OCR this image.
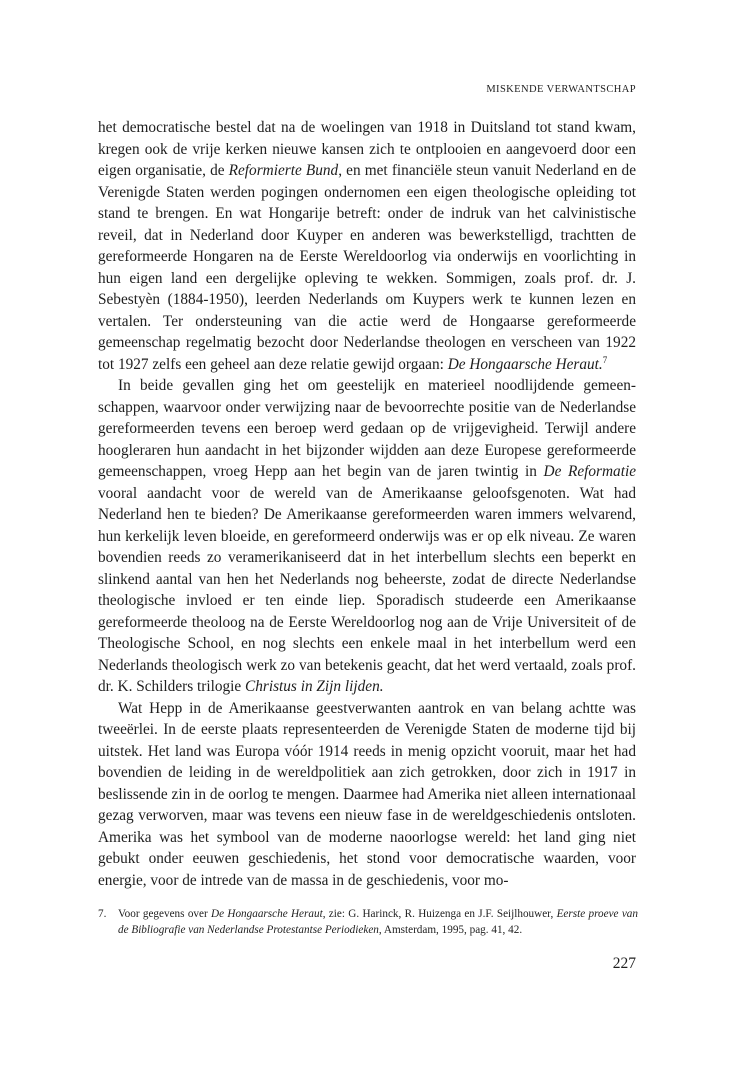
MISKENDE VERWANTSCHAP

het democratische bestel dat na de woelingen van 1918 in Duitsland tot stand kwam, kregen ook de vrije kerken nieuwe kansen zich te ontplooien en aangevoerd door een eigen organisatie, de Reformierte Bund, en met financiële steun vanuit Nederland en de Verenigde Staten werden pogingen ondernomen een eigen theologische opleiding tot stand te brengen. En wat Hongarije betreft: onder de indruk van het calvinistische reveil, dat in Nederland door Kuyper en anderen was bewerkstelligd, trachtten de gereformeerde Hongaren na de Eerste Wereldoorlog via onderwijs en voorlichting in hun eigen land een dergelijke opleving te wekken. Sommigen, zoals prof. dr. J. Sebestyèn (1884-1950), leerden Nederlands om Kuypers werk te kunnen lezen en vertalen. Ter ondersteuning van die actie werd de Hongaarse gereformeerde gemeenschap regelmatig bezocht door Nederlandse theologen en verscheen van 1922 tot 1927 zelfs een geheel aan deze relatie gewijd orgaan: De Hongaarsche Heraut.$^7$

In beide gevallen ging het om geestelijk en materieel noodlijdende gemeenschappen, waarvoor onder verwijzing naar de bevoorrechte positie van de Nederlandse gereformeerden tevens een beroep werd gedaan op de vrijgevigheid. Terwijl andere hoogleraren hun aandacht in het bijzonder wijdden aan deze Europese gereformeerde gemeenschappen, vroeg Hepp aan het begin van de jaren twintig in De Reformatie vooral aandacht voor de wereld van de Amerikaanse geloofsgenoten. Wat had Nederland hen te bieden? De Amerikaanse gereformeerden waren immers welvarend, hun kerkelijk leven bloeide, en gereformeerd onderwijs was er op elk niveau. Ze waren bovendien reeds zo veramerikaniseerd dat in het interbellum slechts een beperkt en slinkend aantal van hen het Nederlands nog beheerste, zodat de directe Nederlandse theologische invloed er ten einde liep. Sporadisch studeerde een Amerikaanse gereformeerde theoloog na de Eerste Wereldoorlog nog aan de Vrije Universiteit of de Theologische School, en nog slechts een enkele maal in het interbellum werd een Nederlands theologisch werk zo van betekenis geacht, dat het werd vertaald, zoals prof. dr. K. Schilders trilogie Christus in Zijn lijden.

Wat Hepp in de Amerikaanse geestverwanten aantrok en van belang achtte was tweeërlei. In de eerste plaats representeerden de Verenigde Staten de moderne tijd bij uitstek. Het land was Europa vóór 1914 reeds in menig opzicht vooruit, maar het had bovendien de leiding in de wereldpolitiek aan zich getrokken, door zich in 1917 in beslissende zin in de oorlog te mengen. Daarmee had Amerika niet alleen internationaal gezag verworven, maar was tevens een nieuw fase in de wereldgeschiedenis ontsloten. Amerika was het symbool van de moderne naoorlogse wereld: het land ging niet gebukt onder eeuwen geschiedenis, het stond voor democratische waarden, voor energie, voor de intrede van de massa in de geschiedenis, voor mo-

7. Voor gegevens over De Hongaarsche Heraut, zie: G. Harinck, R. Huizenga en J.F. Seijlhouwer, Eerste proeve van de Bibliografie van Nederlandse Protestantse Periodieken, Amsterdam, 1995, pag. 41, 42.
227
